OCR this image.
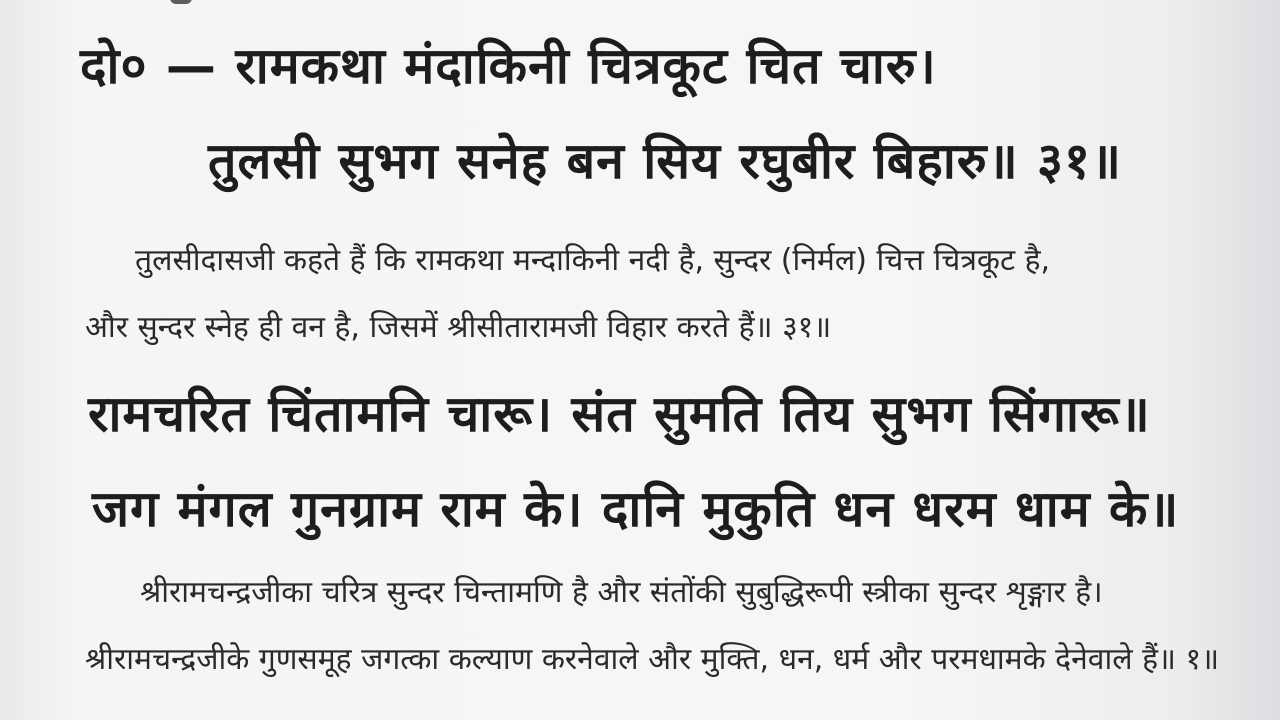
दो० — रामकथा मंदाकिनी चित्रकूट चित चारु।
तुलसी सुभग सनेह बन सिय रघुबीर बिहारु॥ ३१॥
तुलसीदासजी कहते हैं कि रामकथा मन्दाकिनी नदी है, सुन्दर (निर्मल) चित्त चित्रकूट है,
और सुन्दर स्नेह ही वन है, जिसमें श्रीसीतारामजी विहार करते हैं॥ ३१॥
रामचरित चिंतामनि चारू। संत सुमति तिय सुभग सिंगारू॥
जग मंगल गुनग्राम राम के। दानि मुकुति धन धरम धाम के॥
श्रीरामचन्द्रजीका चरित्र सुन्दर चिन्तामणि है और संतोंकी सुबुद्धिरूपी स्त्रीका सुन्दर शृङ्गार है।
श्रीरामचन्द्रजीके गुणसमूह जगत्का कल्याण करनेवाले और मुक्ति, धन, धर्म और परमधामके देनेवाले हैं॥ १॥
